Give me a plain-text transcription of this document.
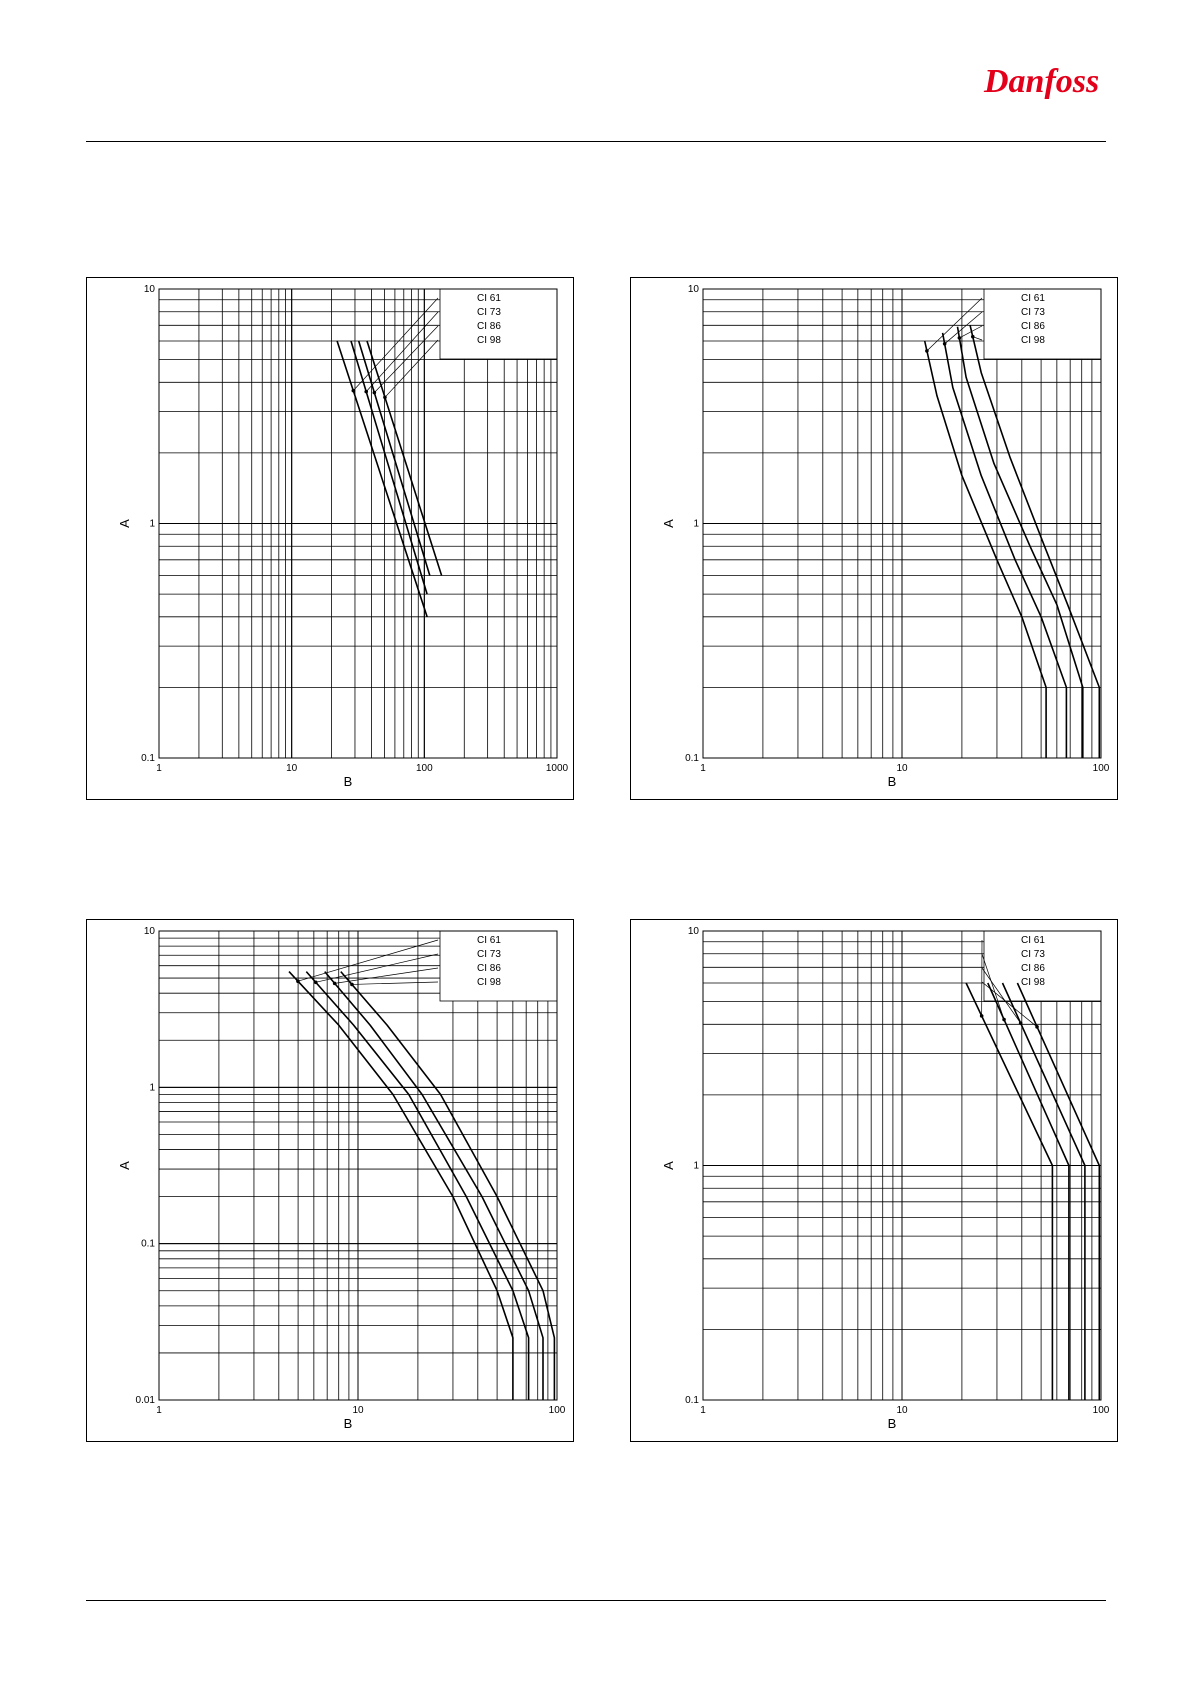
Danfoss
CI 61
CI 73
CI 86
CI 98
1	10	100	1000
0.1
1
10
B
A
CI 61
CI 73
CI 86
CI 98
1	10	100
0.1
1
10
B
A
CI 61
CI 73
CI 86
CI 98
1	10	100
0.01
0.1
1
10
B
A
CI 61
CI 73
CI 86
CI 98
1	10	100
0.1
1
10
B
A
